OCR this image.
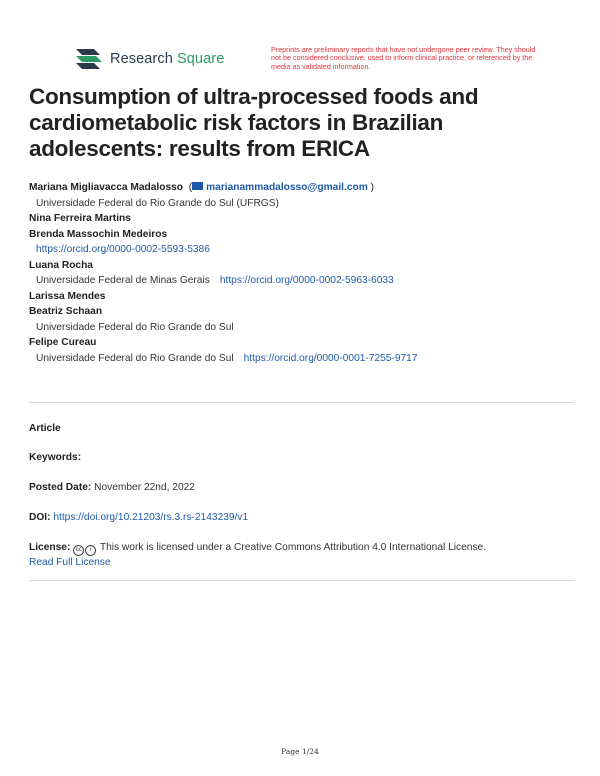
Research Square
Preprints are preliminary reports that have not undergone peer review. They should not be considered conclusive, used to inform clinical practice, or referenced by the media as validated information.
Consumption of ultra-processed foods and cardiometabolic risk factors in Brazilian adolescents: results from ERICA
Mariana Migliavacca Madalosso  ( marianammadalosso@gmail.com )
Universidade Federal do Rio Grande do Sul (UFRGS)
Nina Ferreira Martins
Brenda Massochin Medeiros
https://orcid.org/0000-0002-5593-5386
Luana Rocha
Universidade Federal de Minas Gerais https://orcid.org/0000-0002-5963-6033
Larissa Mendes
Beatriz Schaan
Universidade Federal do Rio Grande do Sul
Felipe Cureau
Universidade Federal do Rio Grande do Sul https://orcid.org/0000-0001-7255-9717
Article
Keywords:
Posted Date: November 22nd, 2022
DOI: https://doi.org/10.21203/rs.3.rs-2143239/v1
License: cc i This work is licensed under a Creative Commons Attribution 4.0 International License.
Read Full License
Page 1/24
